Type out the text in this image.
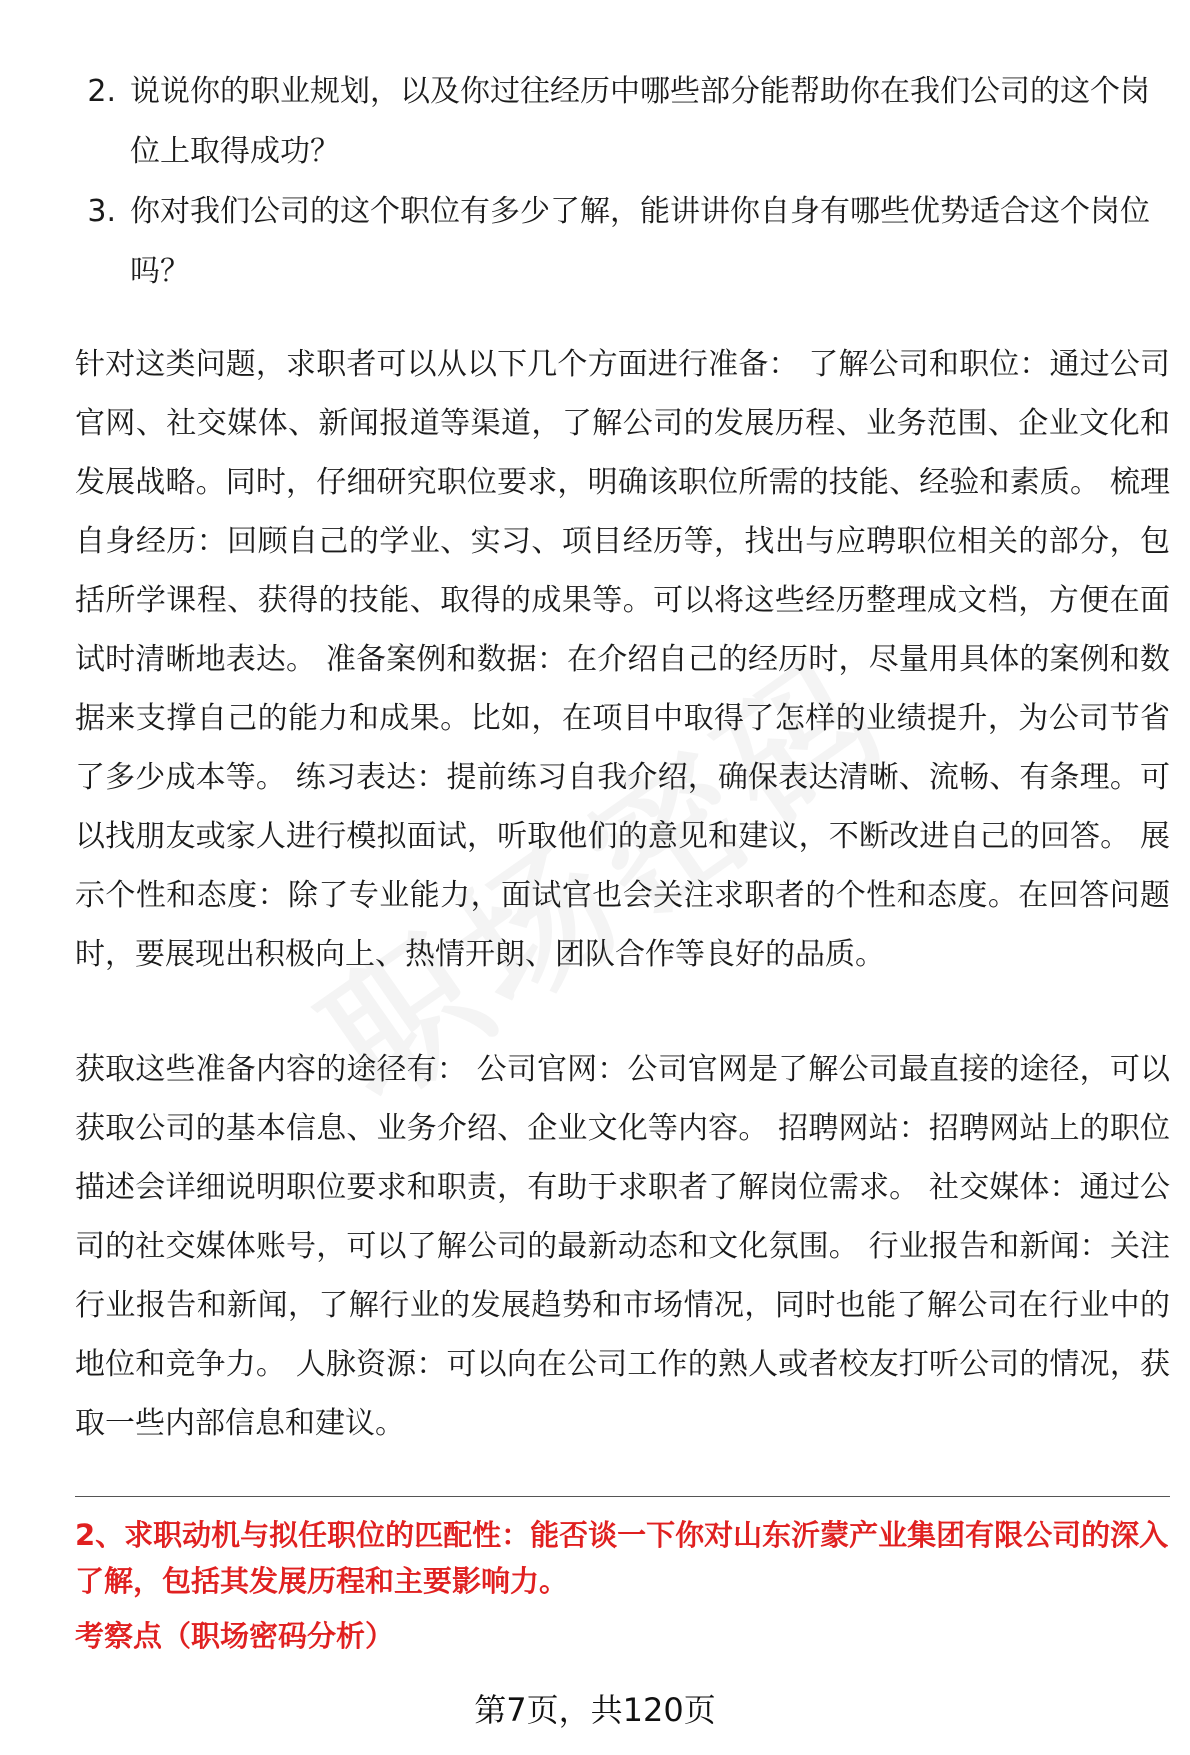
2. 说说你的职业规划，以及你过往经历中哪些部分能帮助你在我们公司的这个岗位上取得成功？
3. 你对我们公司的这个职位有多少了解，能讲讲你自身有哪些优势适合这个岗位吗？

针对这类问题，求职者可以从以下几个方面进行准备： 了解公司和职位：通过公司官网、社交媒体、新闻报道等渠道，了解公司的发展历程、业务范围、企业文化和发展战略。同时，仔细研究职位要求，明确该职位所需的技能、经验和素质。 梳理自身经历：回顾自己的学业、实习、项目经历等，找出与应聘职位相关的部分，包括所学课程、获得的技能、取得的成果等。可以将这些经历整理成文档，方便在面试时清晰地表达。 准备案例和数据：在介绍自己的经历时，尽量用具体的案例和数据来支撑自己的能力和成果。比如，在项目中取得了怎样的业绩提升，为公司节省了多少成本等。 练习表达：提前练习自我介绍，确保表达清晰、流畅、有条理。可以找朋友或家人进行模拟面试，听取他们的意见和建议，不断改进自己的回答。 展示个性和态度：除了专业能力，面试官也会关注求职者的个性和态度。在回答问题时，要展现出积极向上、热情开朗、团队合作等良好的品质。

获取这些准备内容的途径有： 公司官网：公司官网是了解公司最直接的途径，可以获取公司的基本信息、业务介绍、企业文化等内容。 招聘网站：招聘网站上的职位描述会详细说明职位要求和职责，有助于求职者了解岗位需求。 社交媒体：通过公司的社交媒体账号，可以了解公司的最新动态和文化氛围。 行业报告和新闻：关注行业报告和新闻，了解行业的发展趋势和市场情况，同时也能了解公司在行业中的地位和竞争力。 人脉资源：可以向在公司工作的熟人或者校友打听公司的情况，获取一些内部信息和建议。

2、求职动机与拟任职位的匹配性：能否谈一下你对山东沂蒙产业集团有限公司的深入了解，包括其发展历程和主要影响力。

考察点（职场密码分析）

第7页，共120页
